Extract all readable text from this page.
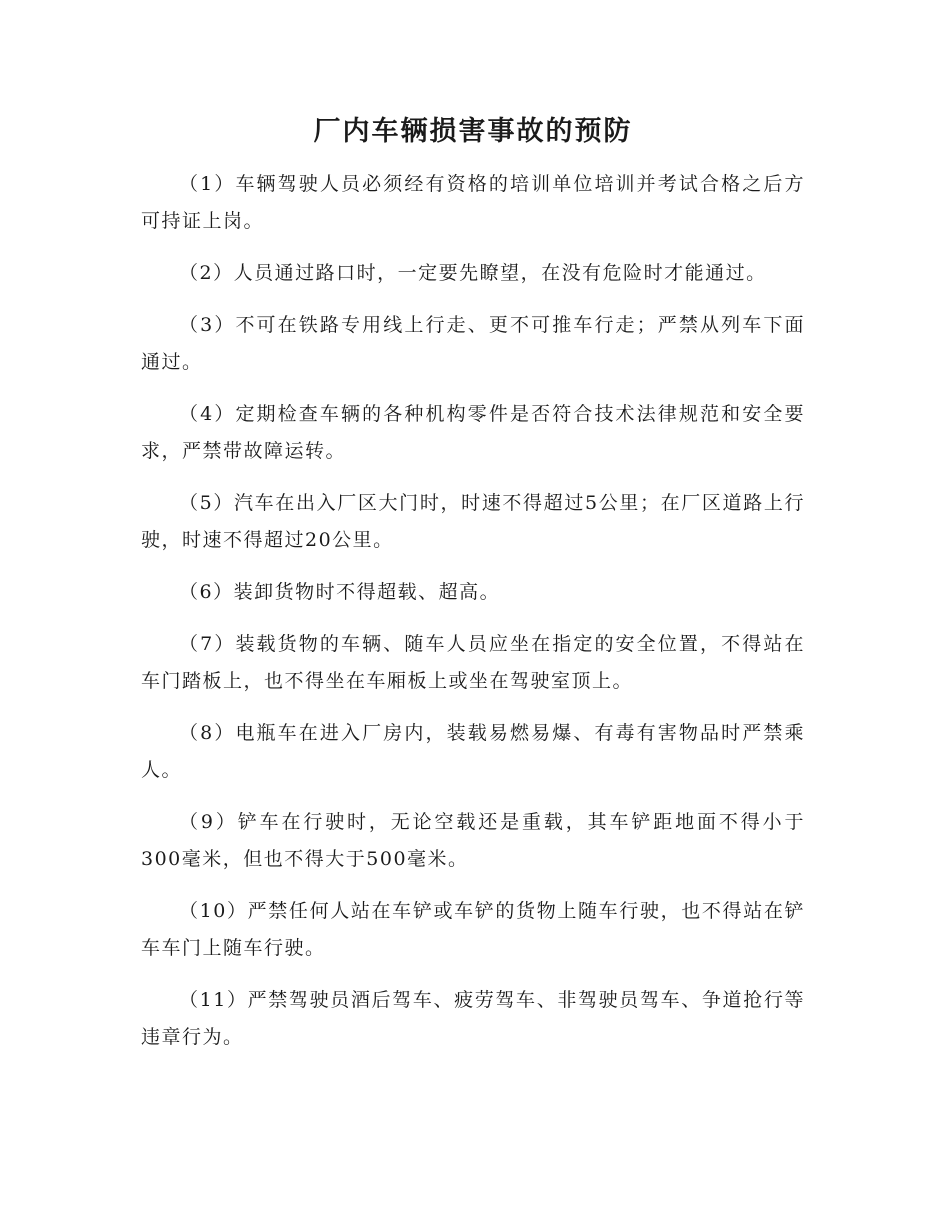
厂内车辆损害事故的预防

（1）车辆驾驶人员必须经有资格的培训单位培训并考试合格之后方可持证上岗。

（2）人员通过路口时，一定要先瞭望，在没有危险时才能通过。

（3）不可在铁路专用线上行走、更不可推车行走；严禁从列车下面通过。

（4）定期检查车辆的各种机构零件是否符合技术法律规范和安全要求，严禁带故障运转。

（5）汽车在出入厂区大门时，时速不得超过5公里；在厂区道路上行驶，时速不得超过20公里。

（6）装卸货物时不得超载、超高。

（7）装载货物的车辆、随车人员应坐在指定的安全位置，不得站在车门踏板上，也不得坐在车厢板上或坐在驾驶室顶上。

（8）电瓶车在进入厂房内，装载易燃易爆、有毒有害物品时严禁乘人。

（9）铲车在行驶时，无论空载还是重载，其车铲距地面不得小于300毫米，但也不得大于500毫米。

（10）严禁任何人站在车铲或车铲的货物上随车行驶，也不得站在铲车车门上随车行驶。

（11）严禁驾驶员酒后驾车、疲劳驾车、非驾驶员驾车、争道抢行等违章行为。
